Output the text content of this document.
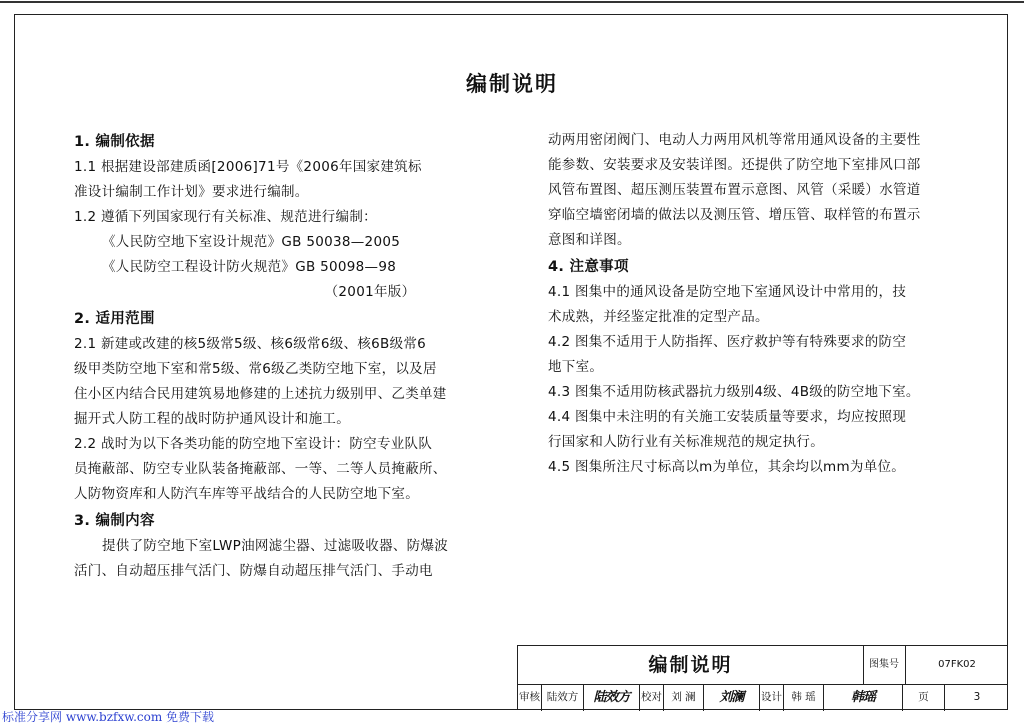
编制说明
1. 编制依据

1.1 根据建设部建质函[2006]71号《2006年国家建筑标

准设计编制工作计划》要求进行编制。

1.2 遵循下列国家现行有关标准、规范进行编制：

《人民防空地下室设计规范》GB 50038—2005

《人民防空工程设计防火规范》GB 50098—98

（2001年版）

2. 适用范围

2.1 新建或改建的核5级常5级、核6级常6级、核6B级常6

级甲类防空地下室和常5级、常6级乙类防空地下室，以及居

住小区内结合民用建筑易地修建的上述抗力级别甲、乙类单建

掘开式人防工程的战时防护通风设计和施工。

2.2 战时为以下各类功能的防空地下室设计：防空专业队队

员掩蔽部、防空专业队装备掩蔽部、一等、二等人员掩蔽所、

人防物资库和人防汽车库等平战结合的人民防空地下室。

3. 编制内容

提供了防空地下室LWP油网滤尘器、过滤吸收器、防爆波

活门、自动超压排气活门、防爆自动超压排气活门、手动电

动两用密闭阀门、电动人力两用风机等常用通风设备的主要性

能参数、安装要求及安装详图。还提供了防空地下室排风口部

风管布置图、超压测压装置布置示意图、风管（采暖）水管道

穿临空墙密闭墙的做法以及测压管、增压管、取样管的布置示

意图和详图。

4. 注意事项

4.1 图集中的通风设备是防空地下室通风设计中常用的，技

术成熟，并经鉴定批准的定型产品。

4.2 图集不适用于人防指挥、医疗救护等有特殊要求的防空

地下室。

4.3 图集不适用防核武器抗力级别4级、4B级的防空地下室。

4.4 图集中未注明的有关施工安装质量等要求，均应按照现

行国家和人防行业有关标准规范的规定执行。

4.5 图集所注尺寸标高以m为单位，其余均以mm为单位。

编制说明	图集号	07FK02
审核 陆效方	陆效方	校对 刘 澜	刘澜	设计 韩 瑶	韩瑶	页	3
标准分享网 www.bzfxw.com 免费下载
